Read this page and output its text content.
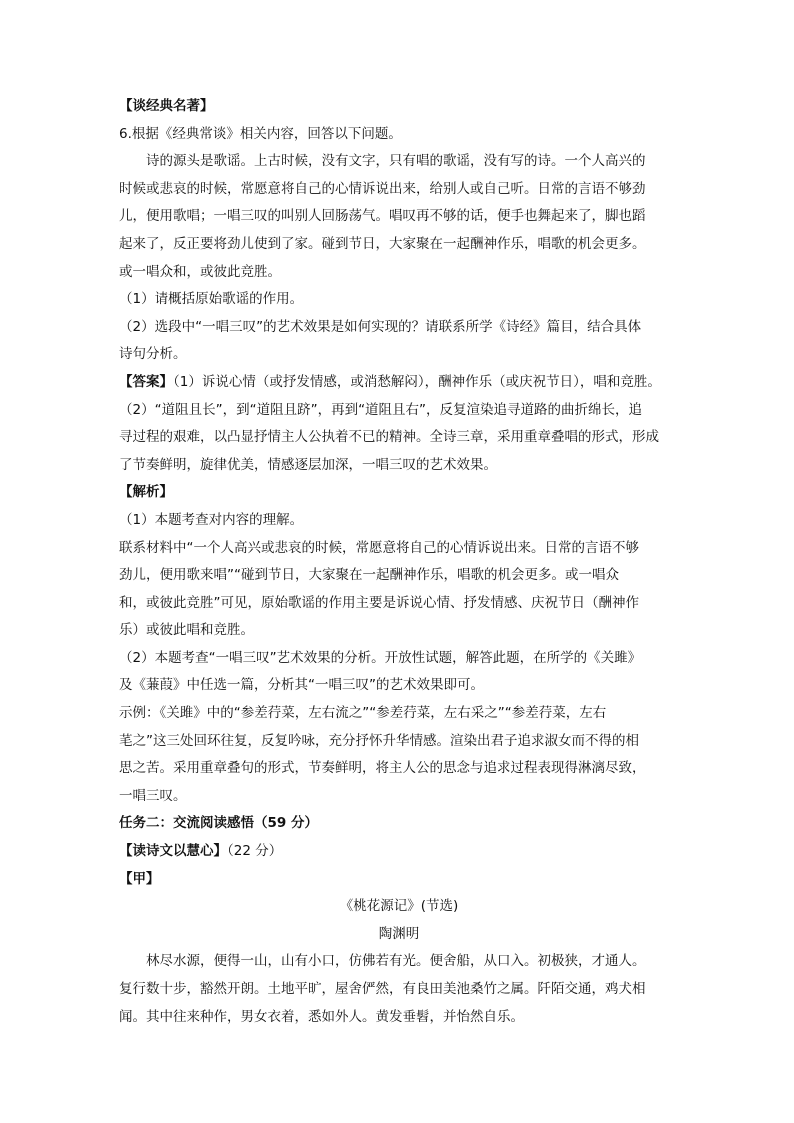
【谈经典名著】
6.根据《经典常谈》相关内容，回答以下问题。
诗的源头是歌谣。上古时候，没有文字，只有唱的歌谣，没有写的诗。一个人高兴的
时候或悲哀的时候，常愿意将自己的心情诉说出来，给别人或自己听。日常的言语不够劲
儿，便用歌唱；一唱三叹的叫别人回肠荡气。唱叹再不够的话，便手也舞起来了，脚也蹈
起来了，反正要将劲儿使到了家。碰到节日，大家聚在一起酬神作乐，唱歌的机会更多。
或一唱众和，或彼此竞胜。
（1）请概括原始歌谣的作用。
（2）选段中“一唱三叹”的艺术效果是如何实现的？请联系所学《诗经》篇目，结合具体
诗句分析。
【答案】（1）诉说心情（或抒发情感，或消愁解闷），酬神作乐（或庆祝节日），唱和竞胜。
（2）“道阻且长”，到“道阻且跻”，再到“道阻且右”，反复渲染追寻道路的曲折绵长，追
寻过程的艰难，以凸显抒情主人公执着不已的精神。全诗三章，采用重章叠唱的形式，形成
了节奏鲜明，旋律优美，情感逐层加深，一唱三叹的艺术效果。
【解析】
（1）本题考查对内容的理解。
联系材料中“一个人高兴或悲哀的时候，常愿意将自己的心情诉说出来。日常的言语不够
劲儿，便用歌来唱”“碰到节日，大家聚在一起酬神作乐，唱歌的机会更多。或一唱众
和，或彼此竞胜”可见，原始歌谣的作用主要是诉说心情、抒发情感、庆祝节日（酬神作
乐）或彼此唱和竞胜。
（2）本题考查“一唱三叹”艺术效果的分析。开放性试题，解答此题，在所学的《关雎》
及《蒹葭》中任选一篇，分析其“一唱三叹”的艺术效果即可。
示例：《关雎》中的“参差荇菜，左右流之”“参差荇菜，左右采之”“参差荇菜，左右
芼之”这三处回环往复，反复吟咏，充分抒怀升华情感。渲染出君子追求淑女而不得的相
思之苦。采用重章叠句的形式，节奏鲜明，将主人公的思念与追求过程表现得淋漓尽致，
一唱三叹。
任务二：交流阅读感悟（59 分）
【读诗文以慧心】（22 分）
【甲】
《桃花源记》(节选)
陶渊明
林尽水源，便得一山，山有小口，仿佛若有光。便舍船，从口入。初极狭，才通人。
复行数十步，豁然开朗。土地平旷，屋舍俨然，有良田美池桑竹之属。阡陌交通，鸡犬相
闻。其中往来种作，男女衣着，悉如外人。黄发垂髫，并怡然自乐。
